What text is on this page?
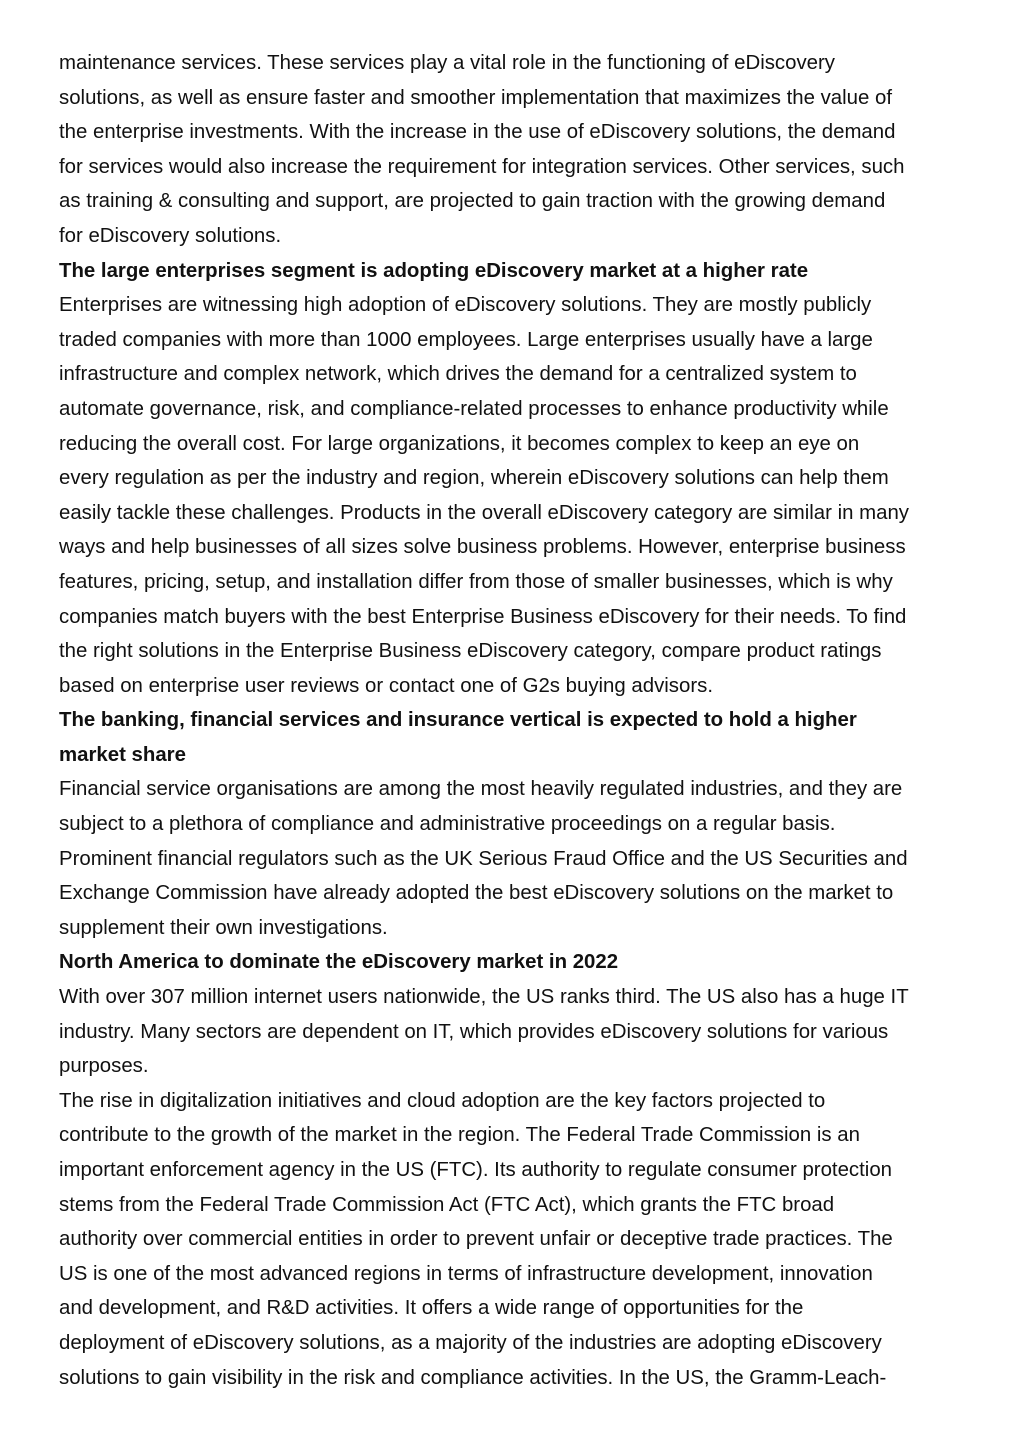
maintenance services. These services play a vital role in the functioning of eDiscovery
solutions, as well as ensure faster and smoother implementation that maximizes the value of
the enterprise investments. With the increase in the use of eDiscovery solutions, the demand
for services would also increase the requirement for integration services. Other services, such
as training & consulting and support, are projected to gain traction with the growing demand
for eDiscovery solutions.
The large enterprises segment is adopting eDiscovery market at a higher rate
Enterprises are witnessing high adoption of eDiscovery solutions. They are mostly publicly
traded companies with more than 1000 employees. Large enterprises usually have a large
infrastructure and complex network, which drives the demand for a centralized system to
automate governance, risk, and compliance-related processes to enhance productivity while
reducing the overall cost. For large organizations, it becomes complex to keep an eye on
every regulation as per the industry and region, wherein eDiscovery solutions can help them
easily tackle these challenges. Products in the overall eDiscovery category are similar in many
ways and help businesses of all sizes solve business problems. However, enterprise business
features, pricing, setup, and installation differ from those of smaller businesses, which is why
companies match buyers with the best Enterprise Business eDiscovery for their needs. To find
the right solutions in the Enterprise Business eDiscovery category, compare product ratings
based on enterprise user reviews or contact one of G2s buying advisors.
The banking, financial services and insurance vertical is expected to hold a higher
market share
Financial service organisations are among the most heavily regulated industries, and they are
subject to a plethora of compliance and administrative proceedings on a regular basis.
Prominent financial regulators such as the UK Serious Fraud Office and the US Securities and
Exchange Commission have already adopted the best eDiscovery solutions on the market to
supplement their own investigations.
North America to dominate the eDiscovery market in 2022
With over 307 million internet users nationwide, the US ranks third. The US also has a huge IT
industry. Many sectors are dependent on IT, which provides eDiscovery solutions for various
purposes.
The rise in digitalization initiatives and cloud adoption are the key factors projected to
contribute to the growth of the market in the region. The Federal Trade Commission is an
important enforcement agency in the US (FTC). Its authority to regulate consumer protection
stems from the Federal Trade Commission Act (FTC Act), which grants the FTC broad
authority over commercial entities in order to prevent unfair or deceptive trade practices. The
US is one of the most advanced regions in terms of infrastructure development, innovation
and development, and R&D activities. It offers a wide range of opportunities for the
deployment of eDiscovery solutions, as a majority of the industries are adopting eDiscovery
solutions to gain visibility in the risk and compliance activities. In the US, the Gramm-Leach-
